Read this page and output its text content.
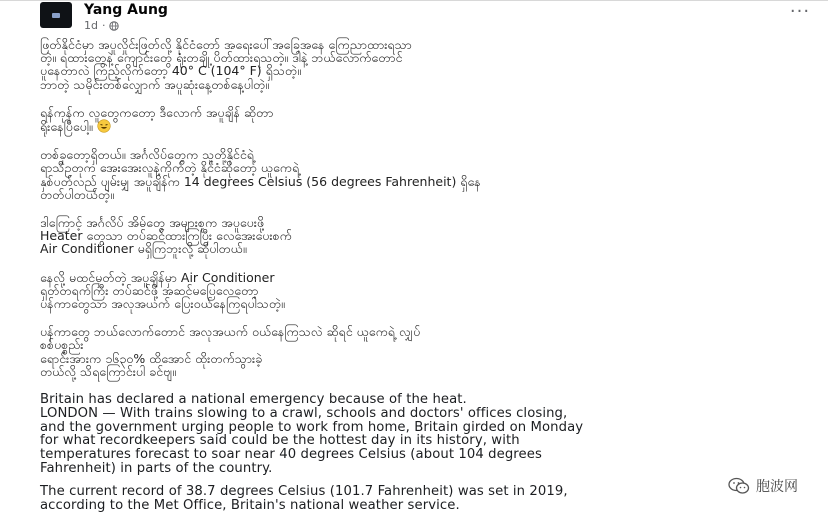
Yang Aung
1d ·
···
ဖြတ်နိုင်ငံမှာ အပူလှိုင်းဖြတ်လို့ နိုင်ငံတော် အရေးပေါ်အခြေအနေ ကြေညာထားရသာ
တဲ့။ ရထားတွေနဲ့ ကျောင်းတွေ ရုံးတချို့ ပိတ်ထားရသတဲ့။ ဒါနဲ့ ဘယ်လောက်တောင်
ပူနေတာလဲ ကြည့်လိုက်တော့ 40° C (104° F) ရှိသတဲ့။
ဘာတဲ့ သမိုင်းတစ်လျှောက် အပူဆုံးနေ့တစ်နေ့ပါတဲ့။
ရန်ကုန်က လူတွေကတော့ ဒီလောက် အပူချိန် ဆိုတာ
ရိုးနေပြီပေါ့။
တစ်ခုတော့ရှိတယ်။ အင်္ဂလိပ်တွေက သူတို့နိုင်ငံရဲ့
ရာသီဥတုက အေးအေးလူနဲ့ကိုက်တဲ့ နိုင်ငံဆိုတော့ ယူကေရဲ့
နှစ်ပတ်လည် ပျမ်းမျှ အပူချိန်က 14 degrees Celsius (56 degrees Fahrenheit) ရှိနေ
တတ်ပါတယ်တဲ့။
ဒါကြောင့် အင်္ဂလိပ် အိမ်တွေ အများစုက အပူပေးဖို့
Heater တွေသာ တပ်ဆင်ထားကြပြီး လေအေးပေးစက်
Air Conditioner မရှိကြဘူးလို့ ဆိုပါတယ်။
နေလို့ မထင်မှတ်တဲ့ အပူချိန်မှာ Air Conditioner
ရှတ်တရက်ကြီး တပ်ဆင်ဖို့ အဆင်မပြေလေတော့
ပန်ကာတွေသာ အလုအယက် ပြေးဝယ်နေကြရပါသတဲ့။
ပန်ကာတွေ ဘယ်လောက်တောင် အလုအယက် ဝယ်နေကြသလဲ ဆိုရင် ယူကေရဲ့ လျှပ်
စစ်ပစ္စည်း
ရောင်းအားက ၁၆၃၀% ထိအောင် ထိုးတက်သွားခဲ့
တယ်လို့ သိရကြောင်းပါ ခင်ဗျ။
Britain has declared a national emergency because of the heat.
LONDON — With trains slowing to a crawl, schools and doctors' offices closing,
and the government urging people to work from home, Britain girded on Monday
for what recordkeepers said could be the hottest day in its history, with
temperatures forecast to soar near 40 degrees Celsius (about 104 degrees
Fahrenheit) in parts of the country.
The current record of 38.7 degrees Celsius (101.7 Fahrenheit) was set in 2019,
according to the Met Office, Britain's national weather service.
胞波网
